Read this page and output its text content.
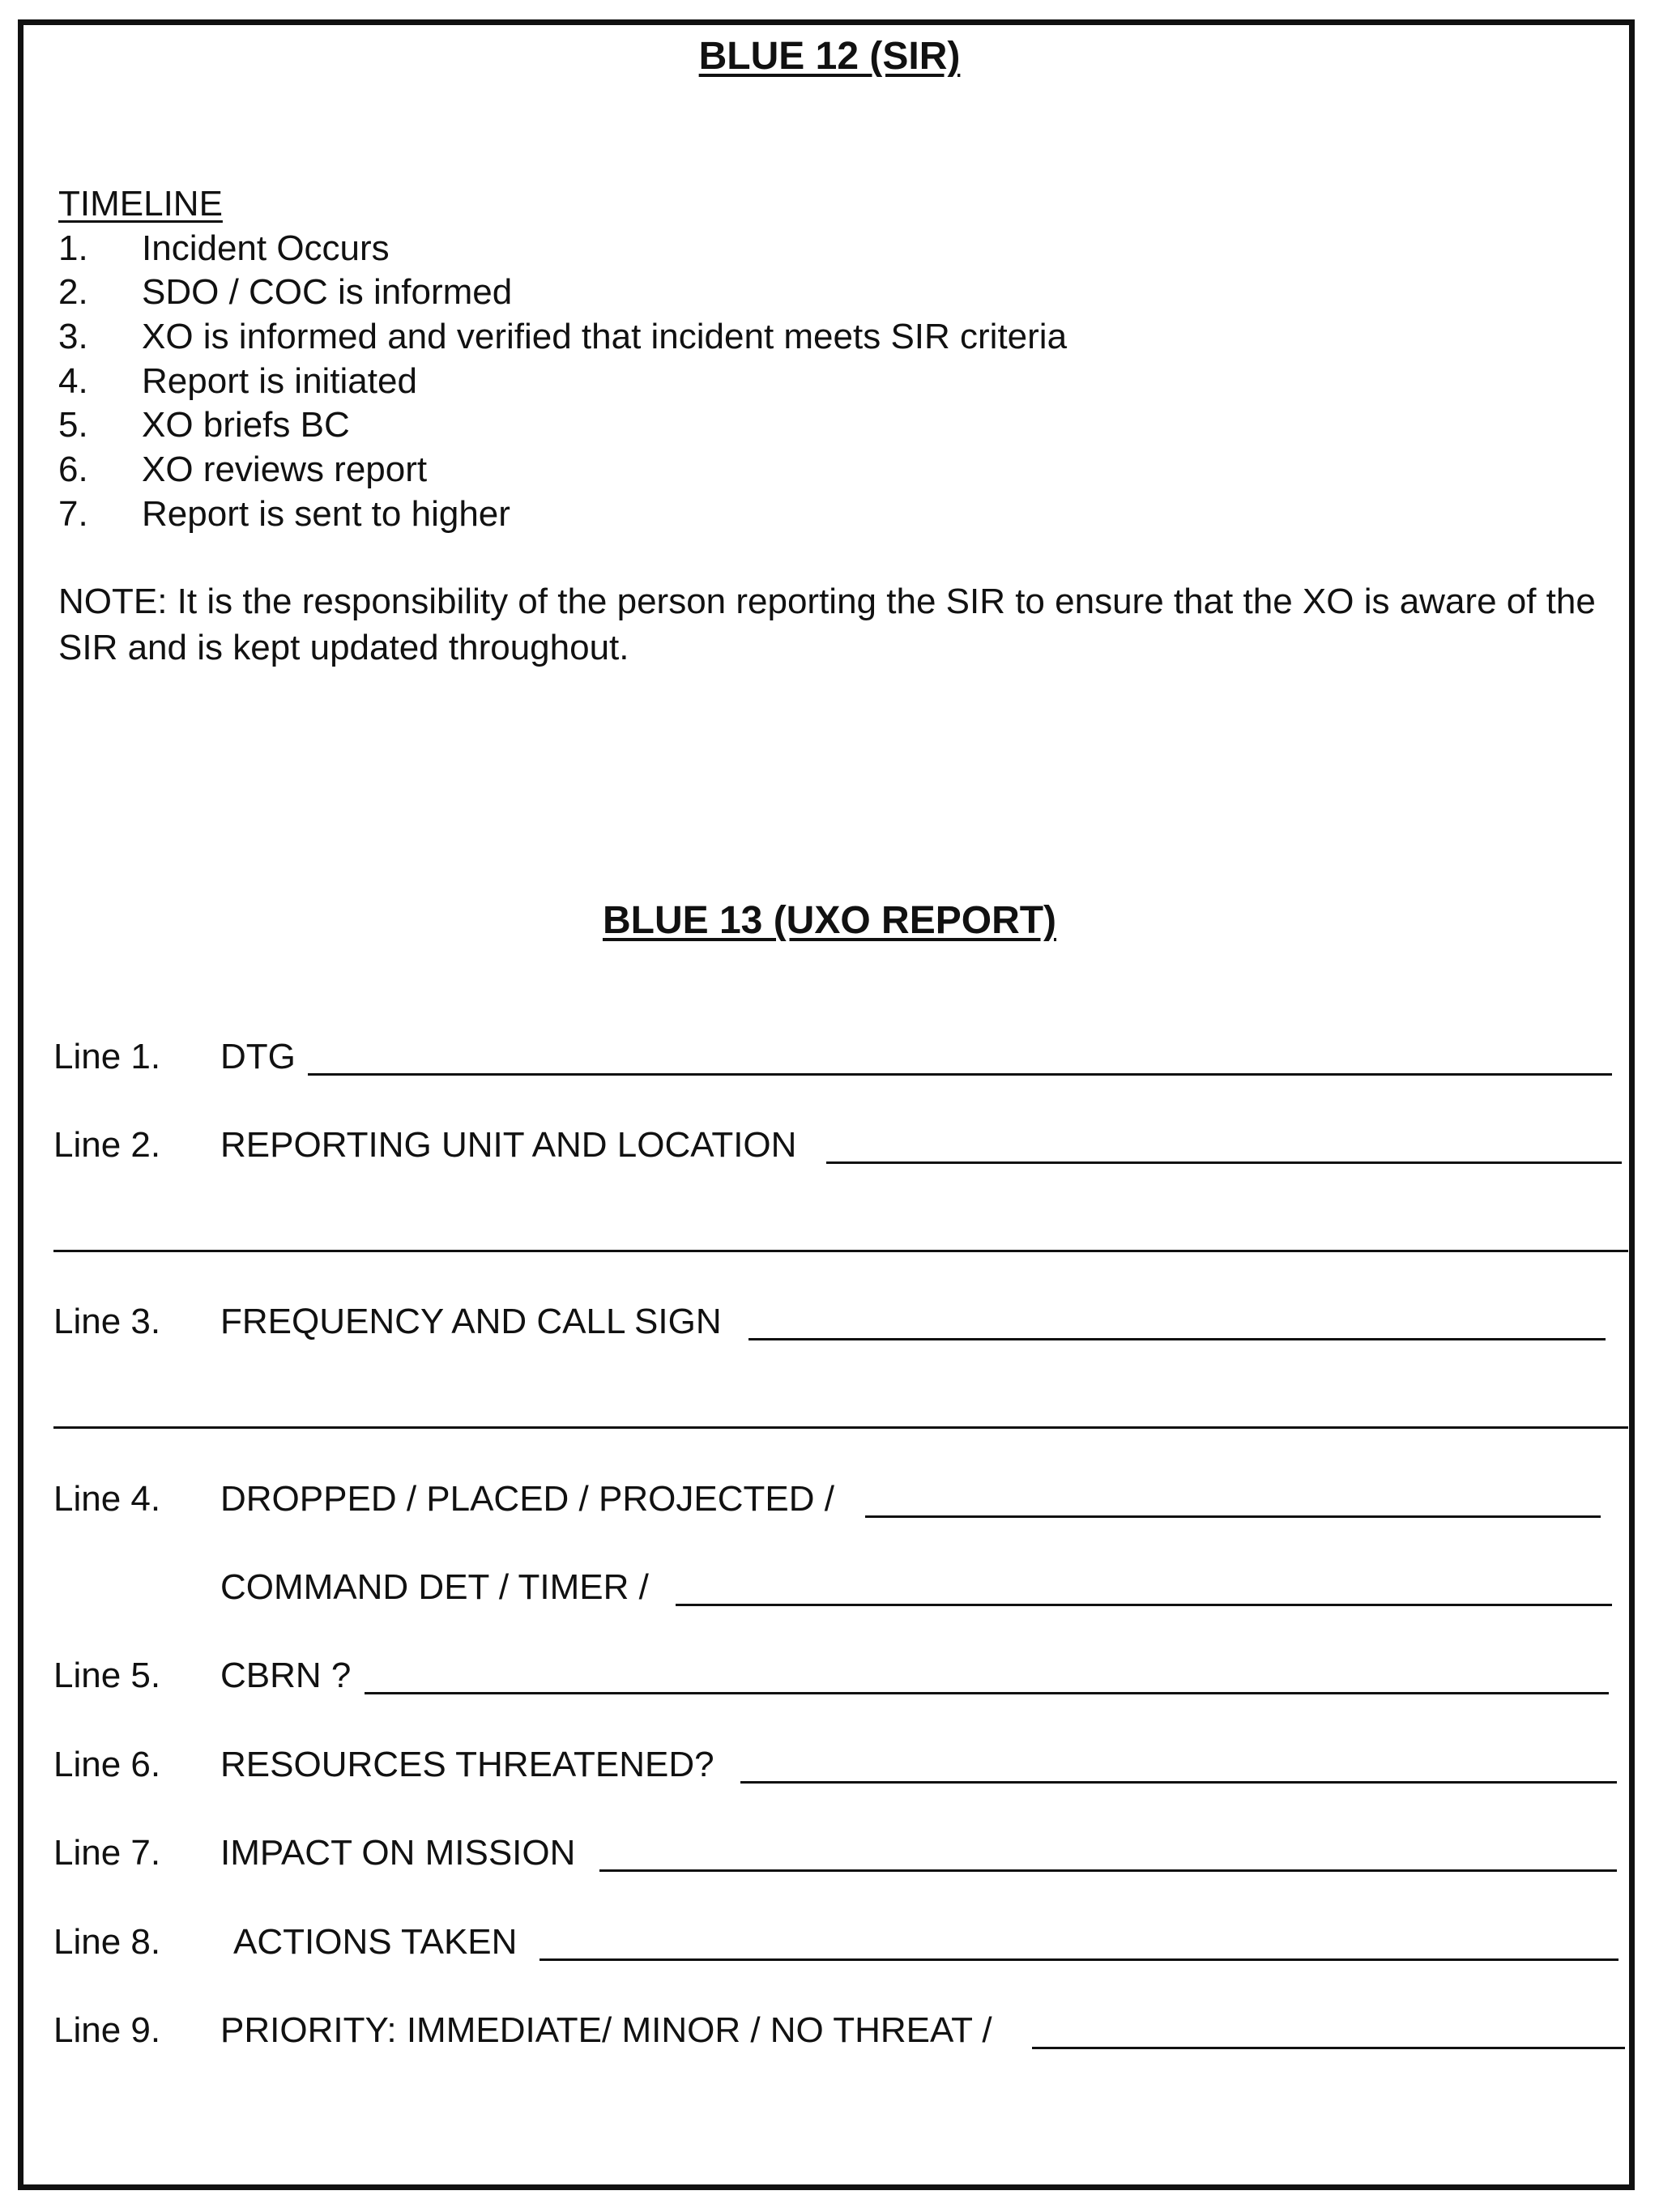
BLUE 12 (SIR)
TIMELINE
1. Incident Occurs
2. SDO / COC is informed
3. XO is informed and verified that incident meets SIR criteria
4. Report is initiated
5. XO briefs BC
6. XO reviews report
7. Report is sent to higher
NOTE: It is the responsibility of the person reporting the SIR to ensure that the XO is aware of the SIR and is kept updated throughout.
BLUE 13 (UXO REPORT)
Line 1. DTG
Line 2. REPORTING UNIT AND LOCATION
Line 3. FREQUENCY AND CALL SIGN
Line 4. DROPPED / PLACED / PROJECTED /
COMMAND DET / TIMER /
Line 5. CBRN ?
Line 6. RESOURCES THREATENED?
Line 7. IMPACT ON MISSION
Line 8. ACTIONS TAKEN
Line 9. PRIORITY: IMMEDIATE/ MINOR / NO THREAT /
